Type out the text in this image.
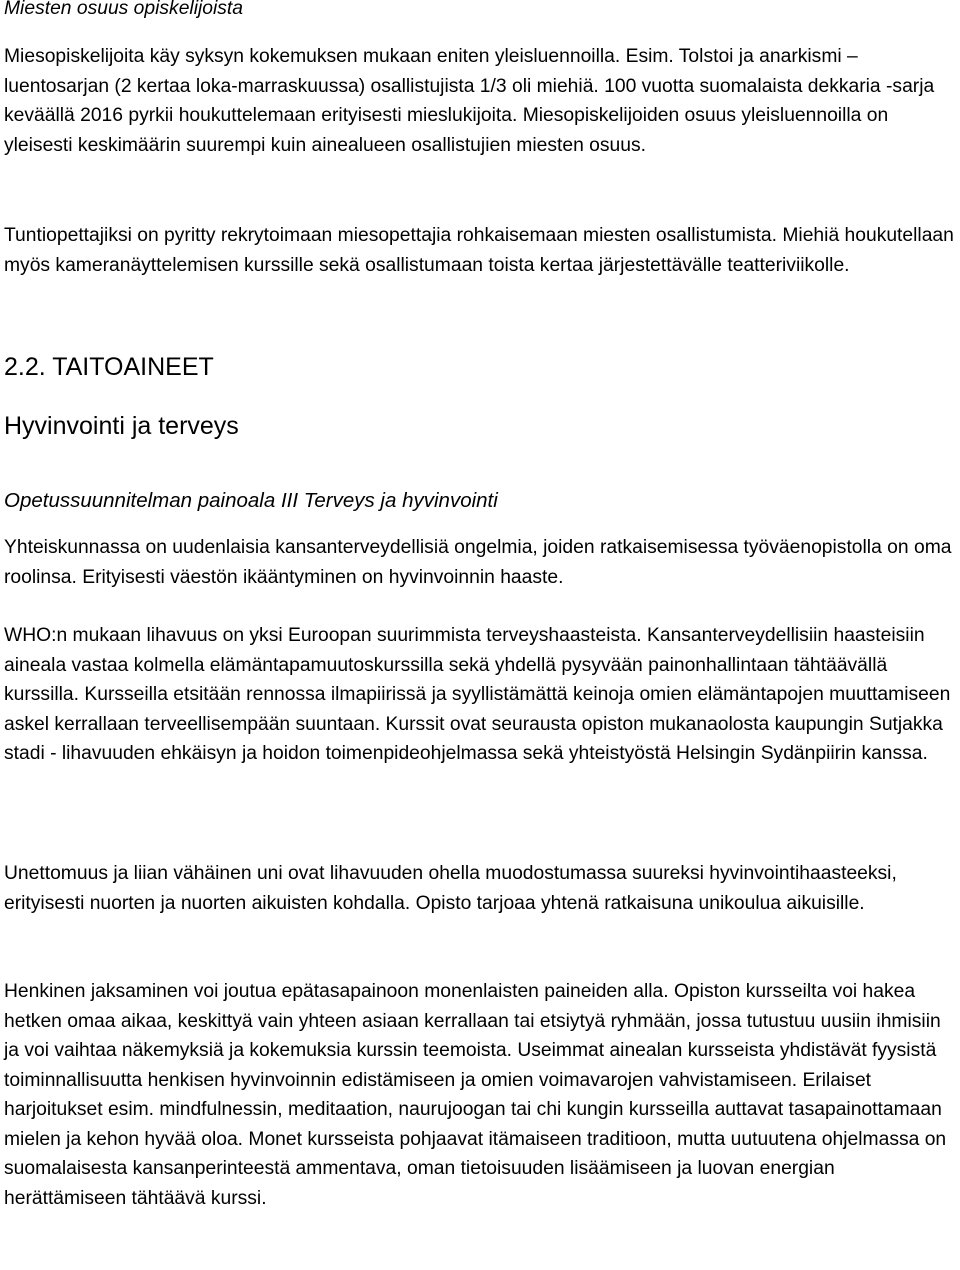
Miesten osuus opiskelijoista

Miesopiskelijoita käy syksyn kokemuksen mukaan eniten yleisluennoilla. Esim. Tolstoi ja anarkismi –luentosarjan (2 kertaa loka-marraskuussa) osallistujista 1/3 oli miehiä. 100 vuotta suomalaista dekkaria -sarja keväällä 2016 pyrkii houkuttelemaan erityisesti mieslukijoita. Miesopiskelijoiden osuus yleisluennoilla on yleisesti keskimäärin suurempi kuin ainealueen osallistujien miesten osuus.

Tuntiopettajiksi on pyritty rekrytoimaan miesopettajia rohkaisemaan miesten osallistumista. Miehiä houkutellaan myös kameranäyttelemisen kurssille sekä osallistumaan toista kertaa järjestettävälle teatteriviikolle.

2.2. TAITOAINEET
Hyvinvointi ja terveys

Opetussuunnitelman painoala III Terveys ja hyvinvointi

Yhteiskunnassa on uudenlaisia kansanterveydellisiä ongelmia, joiden ratkaisemisessa työväenopistolla on oma roolinsa. Erityisesti väestön ikääntyminen on hyvinvoinnin haaste.

WHO:n mukaan lihavuus on yksi Euroopan suurimmista terveyshaasteista. Kansanterveydellisiin haasteisiin aineala vastaa kolmella elämäntapamuutoskurssilla sekä yhdellä pysyvään painonhallintaan tähtäävällä kurssilla. Kursseilla etsitään rennossa ilmapiirissä ja syyllistämättä keinoja omien elämäntapojen muuttamiseen askel kerrallaan terveellisempään suuntaan. Kurssit ovat seurausta opiston mukanaolosta kaupungin Sutjakka stadi - lihavuuden ehkäisyn ja hoidon toimenpideohjelmassa sekä yhteistyöstä Helsingin Sydänpiirin kanssa.

Unettomuus ja liian vähäinen uni ovat lihavuuden ohella muodostumassa suureksi hyvinvointihaasteeksi, erityisesti nuorten ja nuorten aikuisten kohdalla. Opisto tarjoaa yhtenä ratkaisuna unikoulua aikuisille.

Henkinen jaksaminen voi joutua epätasapainoon monenlaisten paineiden alla. Opiston kursseilta voi hakea hetken omaa aikaa, keskittyä vain yhteen asiaan kerrallaan tai etsiytyä ryhmään, jossa tutustuu uusiin ihmisiin ja voi vaihtaa näkemyksiä ja kokemuksia kurssin teemoista. Useimmat ainealan kursseista yhdistävät fyysistä toiminnallisuutta henkisen hyvinvoinnin edistämiseen ja omien voimavarojen vahvistamiseen. Erilaiset harjoitukset esim. mindfulnessin, meditaation, naurujoogan tai chi kungin kursseilla auttavat tasapainottamaan mielen ja kehon hyvää oloa. Monet kursseista pohjaavat itämaiseen traditioon, mutta uutuutena ohjelmassa on suomalaisesta kansanperinteestä ammentava, oman tietoisuuden lisäämiseen ja luovan energian herättämiseen tähtäävä kurssi.
